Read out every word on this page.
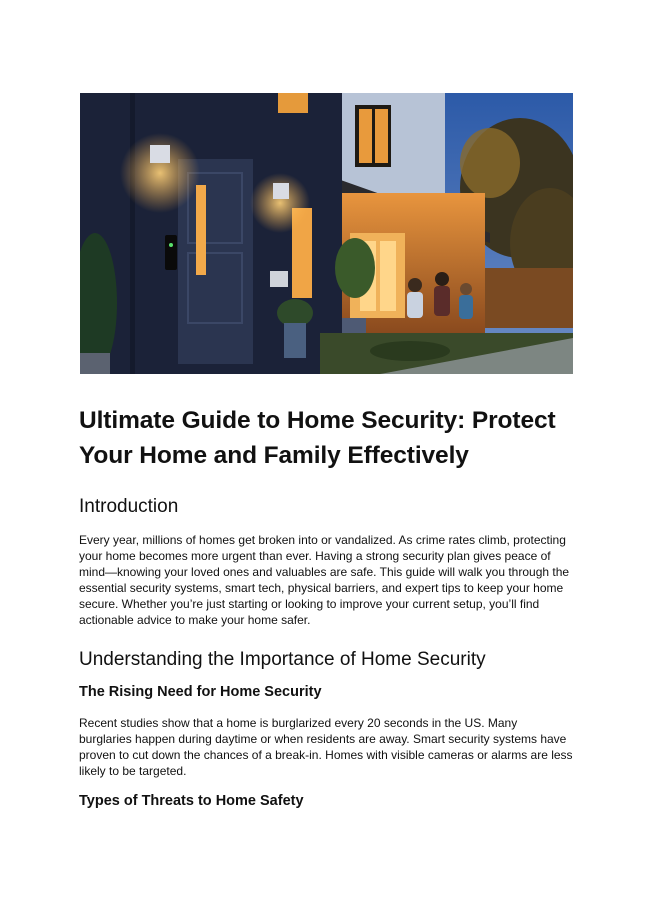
Ultimate Guide to Home Security: Protect Your Home and Family Effectively
Introduction

Every year, millions of homes get broken into or vandalized. As crime rates climb, protecting your home becomes more urgent than ever. Having a strong security plan gives peace of mind—knowing your loved ones and valuables are safe. This guide will walk you through the essential security systems, smart tech, physical barriers, and expert tips to keep your home secure. Whether you’re just starting or looking to improve your current setup, you’ll find actionable advice to make your home safer.

Understanding the Importance of Home Security
The Rising Need for Home Security

Recent studies show that a home is burglarized every 20 seconds in the US. Many burglaries happen during daytime or when residents are away. Smart security systems have proven to cut down the chances of a break-in. Homes with visible cameras or alarms are less likely to be targeted.

Types of Threats to Home Safety
